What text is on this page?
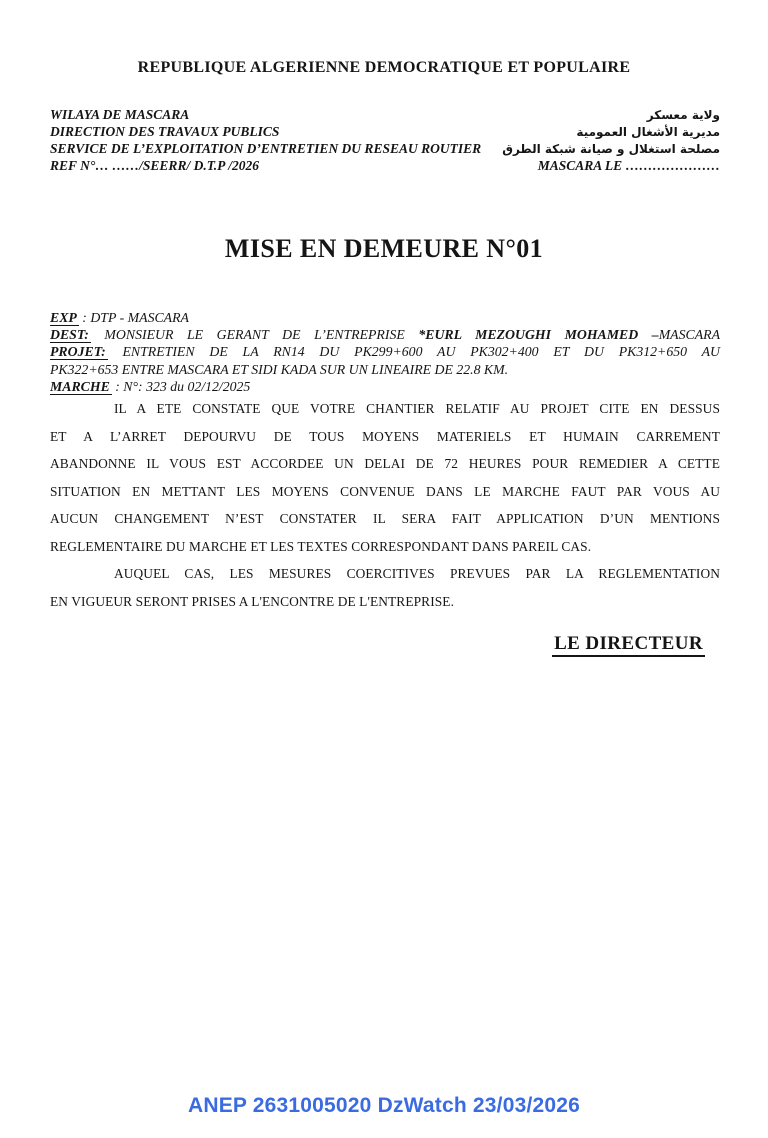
REPUBLIQUE ALGERIENNE DEMOCRATIQUE ET POPULAIRE
WILAYA DE MASCARA	ولاية معسكر
DIRECTION DES TRAVAUX PUBLICS	مديرية الأشغال العمومية
SERVICE DE L’EXPLOITATION D’ENTRETIEN DU RESEAU ROUTIER مصلحة استغلال و صيانة شبكة الطرق
REF N°… ……/SEERR/ D.T.P /2026	MASCARA LE …………………
MISE EN DEMEURE N°01
EXP : DTP - MASCARA
DEST: MONSIEUR LE GERANT DE L’ENTREPRISE *EURL MEZOUGHI MOHAMED –MASCARA
PROJET: ENTRETIEN DE LA RN14 DU PK299+600 AU PK302+400 ET DU PK312+650 AU
PK322+653 ENTRE MASCARA ET SIDI KADA SUR UN LINEAIRE DE 22.8 KM.
MARCHE : N°: 323 du 02/12/2025
IL A ETE CONSTATE QUE VOTRE CHANTIER RELATIF AU PROJET CITE EN DESSUS
ET A L’ARRET DEPOURVU DE TOUS MOYENS MATERIELS ET HUMAIN CARREMENT
ABANDONNE IL VOUS EST ACCORDEE UN DELAI DE 72 HEURES POUR REMEDIER A CETTE
SITUATION EN METTANT LES MOYENS CONVENUE DANS LE MARCHE FAUT PAR VOUS AU
AUCUN CHANGEMENT N’EST CONSTATER IL SERA FAIT APPLICATION D’UN MENTIONS
REGLEMENTAIRE DU MARCHE ET LES TEXTES CORRESPONDANT DANS PAREIL CAS.
AUQUEL CAS, LES MESURES COERCITIVES PREVUES PAR LA REGLEMENTATION
EN VIGUEUR SERONT PRISES A L'ENCONTRE DE L'ENTREPRISE.
LE DIRECTEUR
ANEP 2631005020 DzWatch 23/03/2026
